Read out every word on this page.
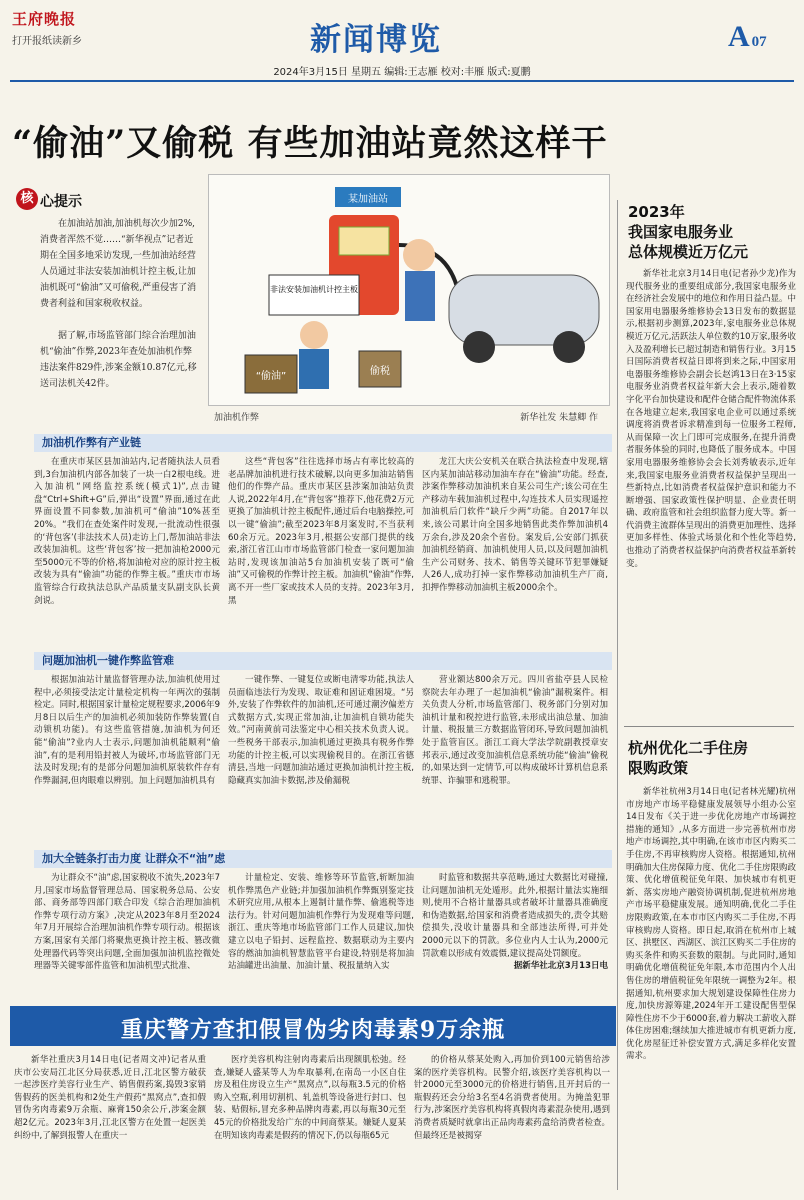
王府晚报
打开报纸读新乡	新闻博览	A 07
2024年3月15日 星期五 编辑:王志雁 校对:丰雁 版式:夏鹏
“偷油”又偷税 有些加油站竟然这样干
核 心提示
在加油站加油,加油机每次少加2%,消费者浑然不觉……“新华视点”记者近期在全国多地采访发现,一些加油站经营人员通过非法安装加油机计控主板,让加油机既可“偷油”又可偷税,严重侵害了消费者利益和国家税收权益。
据了解,市场监管部门综合治理加油机“偷油”作弊,2023年查处加油机作弊违法案件829件,涉案金额10.87亿元,移送司法机关42件。
某加油站
非法安装加油机计控主板
“偷油”	偷税
加油机作弊	新华社发 朱慧卿 作
加油机作弊有产业链

在重庆市某区县加油站内,记者随执法人员看到,3台加油机内部各加装了一块一白2根电线。进入加油机“网络监控系统(模式1)”,点击键盘“Ctrl+Shift+G”后,弹出“设置”界面,通过在此界面设置不同参数,加油机可“偷油”10%甚至20%。“我们在查处案件时发现,一批流动性很强的‘背包客’(非法技术人员)走访上门,帮加油站非法改装加油机。这些‘背包客’按一把加油枪2000元至5000元不等的价格,将加油枪对应的原计控主板改装为具有“偷油”功能的作弊主板。”重庆市市场监管综合行政执法总队产品质量支队副支队长黄剑说。

这些“背包客”往往选择市场占有率比较高的老品牌加油机进行技术破解,以向更多加油站销售他们的作弊产品。重庆市某区县涉案加油站负责人说,2022年4月,在“背包客”推荐下,他花费2万元更换了加油机计控主板配件,通过后台电脑操控,可以一键“偷油”;截至2023年8月案发时,不当获利60余万元。2023年3月,根据公安部门提供的线索,浙江省江山市市场监管部门检查一家问题加油站时,发现该加油站5台加油机安装了既可“偷油”又可偷税的作弊计控主板。加油机“偷油”作弊,离不开一些厂家或技术人员的支持。2023年3月,黑

龙江大庆公安机关在联合执法检查中发现,辖区内某加油站移动加油车存在“偷油”功能。经查,涉案作弊移动加油机来自某公司生产;该公司在生产移动车载加油机过程中,勾连技术人员实现遥控加油机后门软件“缺斤少两”功能。自2017年以来,该公司累计向全国多地销售此类作弊加油机4万余台,涉及20余个省份。案发后,公安部门抓获加油机经销商、加油机使用人员,以及问题加油机生产公司财务、技术、销售等关键环节犯罪嫌疑人26人,成功打掉一家作弊移动加油机生产厂商,扣押作弊移动加油机主板2000余个。

问题加油机一键作弊监管难

根据加油站计量监督管理办法,加油机使用过程中,必须接受法定计量检定机构一年两次的强制检定。同时,根据国家计量检定规程要求,2006年9月8日以后生产的加油机必须加装防作弊装置(自动锁机功能)。有这些监管措施,加油机为何还能“偷油”?业内人士表示,问题加油机能顺利“偷油”,有的是利用铅封被人为破坏,市场监管部门无法及时发现;有的是部分问题加油机原装软件存有作弊漏洞,但肉眼难以辨别。加上问题加油机具有

一键作弊、一键复位或断电清零功能,执法人员面临违法行为发现、取证难和固证难困境。“另外,安装了作弊软件的加油机,还可通过潮汐偏差方式数据方式,实现正常加油,让加油机自锁功能失效。”河南黄前司法鉴定中心相关技术负责人说。一些税务干部表示,加油机通过更换具有税务作弊功能的计控主板,可以实现偷税目的。在浙江省德清县,当地一问题加油站通过更换加油机计控主板,隐藏真实加油卡数据,涉及偷漏税

营业额达800余万元。四川省盐亭县人民检察院去年办理了一起加油机“偷油”漏税案件。相关负责人分析,市场监管部门、税务部门分别对加油机计量和税控进行监管,未形成出油总量、加油计量、税报量三方数据监管闭环,导致问题加油机处于监管盲区。浙江工商大学法学院副教授章安邦表示,通过改变加油机信息系统功能“偷油”偷税的,如果达到一定情节,可以构成破坏计算机信息系统罪、诈骗罪和逃税罪。

加大全链条打击力度 让群众不“油”虑

为让群众不“油”虑,国家税收不流失,2023年7月,国家市场监督管理总局、国家税务总局、公安部、商务部等四部门联合印发《综合治理加油机作弊专项行动方案》,决定从2023年8月至2024年7月开展综合治理加油机作弊专项行动。根据该方案,国家有关部门将聚焦更换计控主板、篡改微处理器代码等突出问题,全面加强加油机监控微处理器等关键零部件监管和加油机型式批准、

计量检定、安装、维修等环节监管,斩断加油机作弊黑色产业链;并加强加油机作弊甄别鉴定技术研究应用,从根本上遏制计量作弊、偷逃税等违法行为。针对问题加油机作弊行为发现难等问题,浙江、重庆等地市场监管部门工作人员建议,加快建立以电子铅封、远程监控、数据联动为主要内容的燃油加油机智慧监管平台建设,特别是将加油站油罐进出油量、加油计量、税报量纳入实

时监管和数据共享范畴,通过大数据比对碰撞,让问题加油机无处遁形。此外,根据计量法实施细则,使用不合格计量器具或者破坏计量器具准确度和伪造数据,给国家和消费者造成损失的,责令其赔偿损失,没收计量器具和全部违法所得,可并处2000元以下的罚款。多位业内人士认为,2000元罚款难以形成有效震慑,建议提高处罚额度。

据新华社北京3月13日电

重庆警方查扣假冒伪劣肉毒素9万余瓶

新华社重庆3月14日电(记者周文冲)记者从重庆市公安局江北区分局获悉,近日,江北区警方破获一起涉医疗美容行业生产、销售假药案,捣毁3家销售假药的医美机构和2处生产假药“黑窝点”,查扣假冒伪劣肉毒素9万余瓶、麻膏150余公斤,涉案金额超2亿元。2023年3月,江北区警方在处置一起医美纠纷中,了解到报警人在重庆一

医疗美容机构注射肉毒素后出现额肌松弛。经查,嫌疑人盛某等人为牟取暴利,在南岛一小区自住房及租住房设立生产“黑窝点”,以每瓶3.5元的价格购入空瓶,利用切割机、轧盖机等设备进行封口、包装、贴假标,冒充多种品牌肉毒素,再以每瓶30元至45元的价格批发给广东的中间商蔡某。嫌疑人夏某在明知该肉毒素是假药的情况下,仍以每瓶65元

的价格从蔡某处购入,再加价到100元销售给涉案的医疗美容机构。民警介绍,该医疗美容机构以一针2000元至3000元的价格进行销售,且开封后的一瓶假药还会分给3名至4名消费者使用。为掩盖犯罪行为,涉案医疗美容机构将真假肉毒素混杂使用,遇到消费者质疑时就拿出正品肉毒素药盒给消费者检查。但最终还是被揭穿

2023年
我国家电服务业
总体规模近万亿元

新华社北京3月14日电(记者孙少龙)作为现代服务业的重要组成部分,我国家电服务业在经济社会发展中的地位和作用日益凸显。中国家用电器服务维修协会13日发布的数据显示,根据初步测算,2023年,家电服务业总体规模近万亿元,活跃法人单位数约10万家,服务收入及盈利增长已超过制造和销售行业。3月15日国际消费者权益日即将到来之际,中国家用电器服务维修协会副会长赵鸿13日在3·15家电服务业消费者权益年新大会上表示,随着数字化平台加快建设和配件仓储合配件物流体系在各地建立起来,我国家电企业可以通过系统调度将消费者诉求精准到每一位服务工程师,从而保障一次上门即可完成服务,在提升消费者服务体验的同时,也降低了服务成本。中国家用电器服务维修协会会长刘秀敏表示,近年来,我国家电服务业消费者权益保护呈现出一些新特点,比如消费者权益保护意识和能力不断增强、国家政策性保护明显、企业责任明确、政府监管和社会组织监督力度大等。新一代消费主流群体呈现出的消费更加理性、选择更加多样性、体验式场景化和个性化等趋势,也推动了消费者权益保护向消费者权益革新转变。

杭州优化二手住房
限购政策

新华社杭州3月14日电(记者林光耀)杭州市房地产市场平稳健康发展领导小组办公室14日发布《关于进一步优化房地产市场调控措施的通知》,从多方面进一步完善杭州市房地产市场调控,其中明确,在该市市区内购买二手住房,不再审核购房人资格。根据通知,杭州明确加大住房保障力度、优化二手住房限购政策、优化增值税征免年限、加快城市有机更新、落实房地产融资协调机制,促进杭州房地产市场平稳健康发展。通知明确,优化二手住房限购政策,在本市市区内购买二手住房,不再审核购房人资格。即日起,取消在杭州市上城区、拱墅区、西湖区、滨江区购买二手住房的购买条件和购买套数的限制。与此同时,通知明确优化增值税征免年限,本市范围内个人出售住房的增值税征免年限统一调整为2年。根据通知,杭州要求加大规划建设保障性住房力度,加快房源筹建,2024年开工建设配售型保障性住房不少于6000套,着力解决工薪收入群体住房困难;继续加大推进城市有机更新力度,优化房屋征迁补偿安置方式,满足多样化安置需求。
